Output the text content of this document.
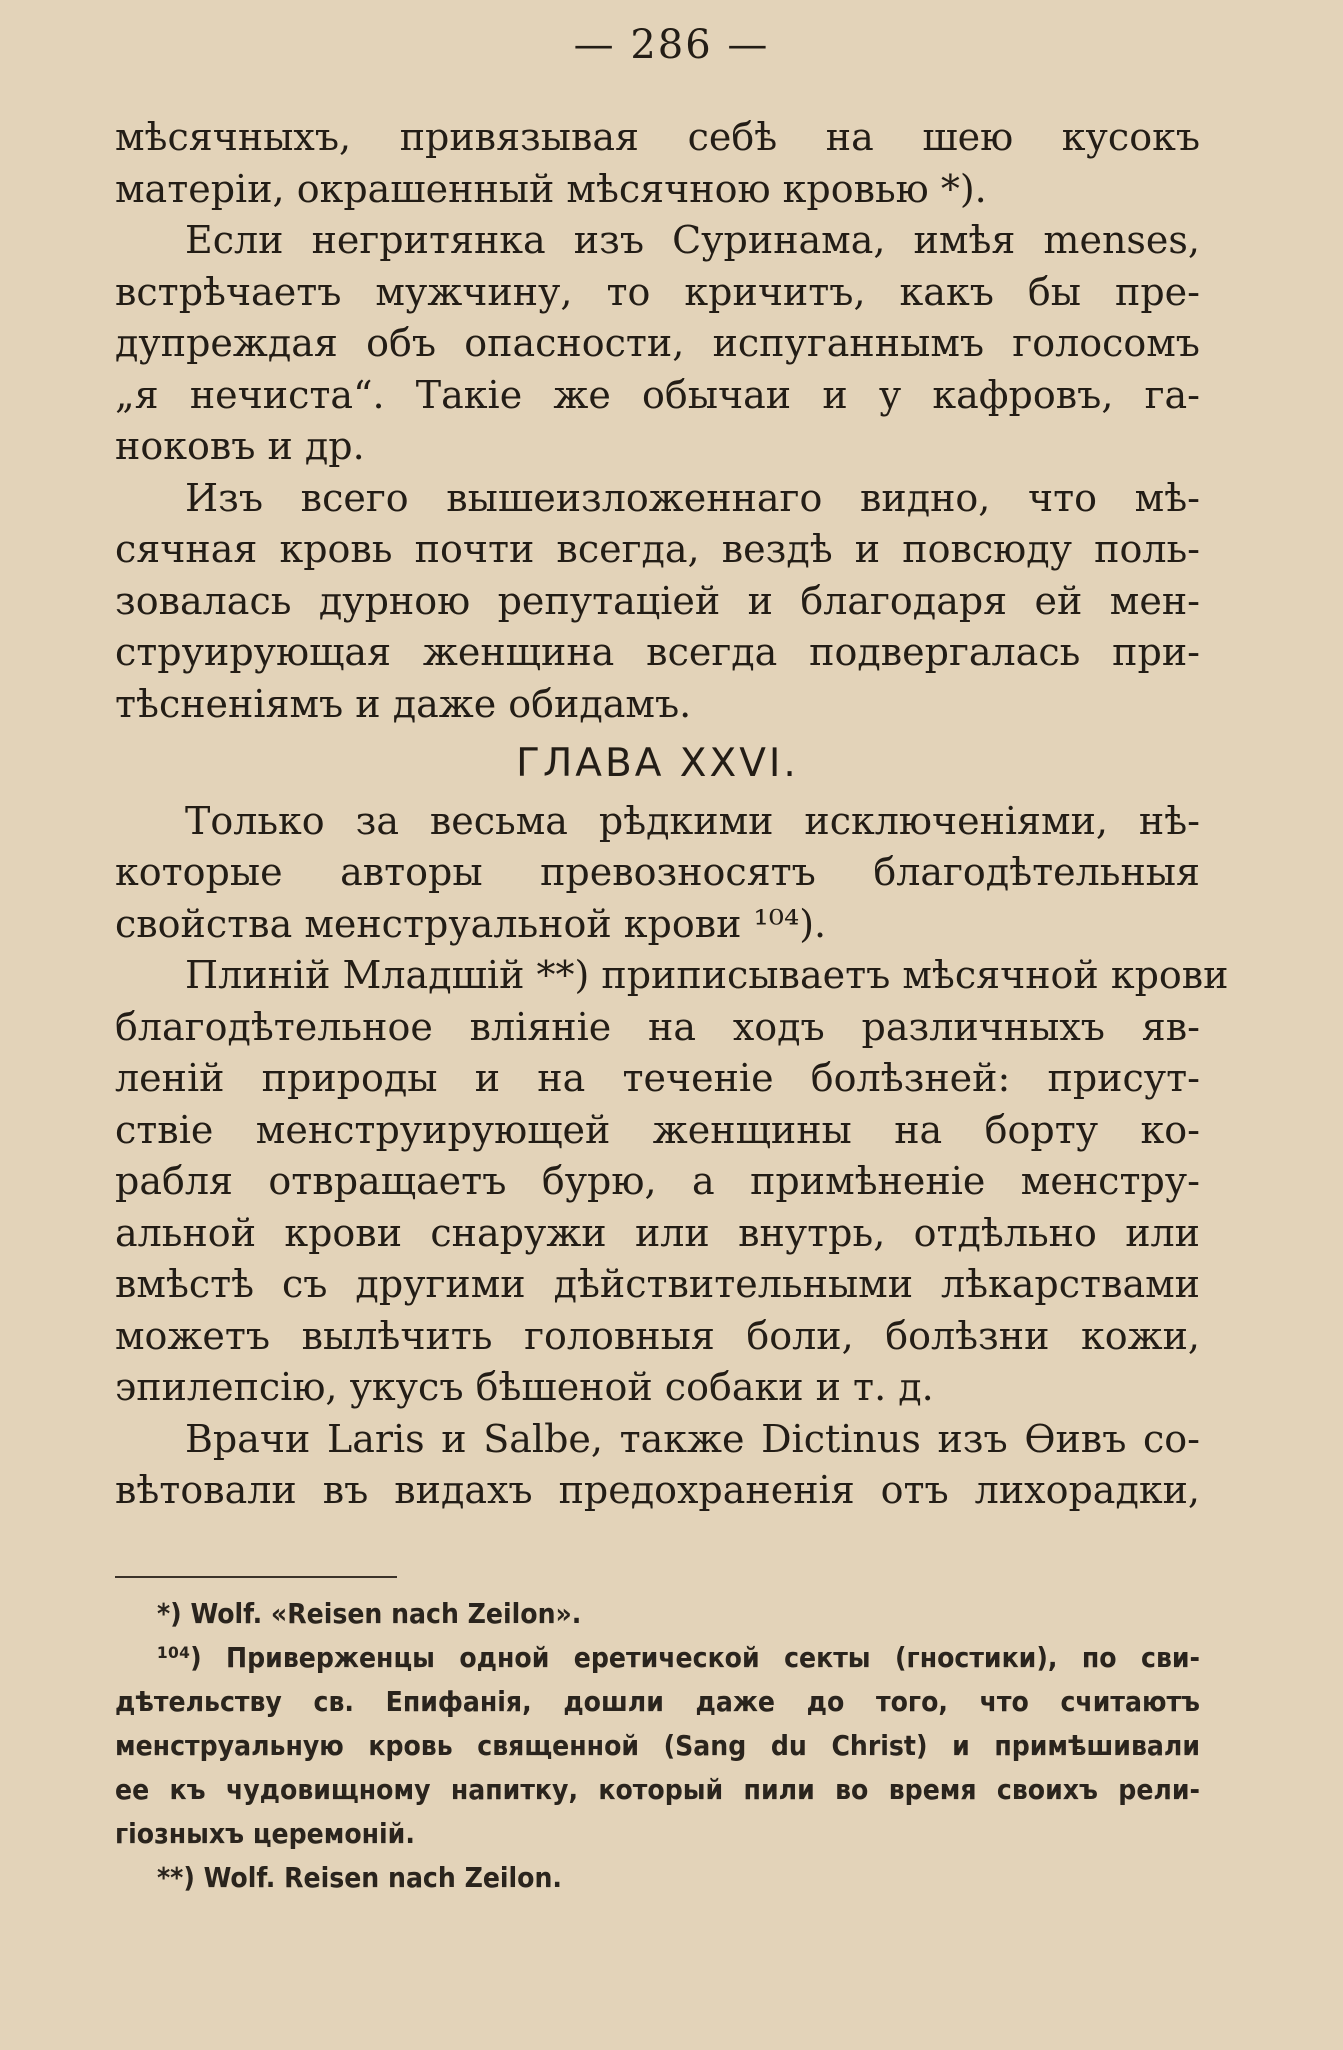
— 286 —
мѣсячныхъ, привязывая себѣ на шею кусокъ
матеріи, окрашенный мѣсячною кровью *).
Если негритянка изъ Суринама, имѣя menses,
встрѣчаетъ мужчину, то кричитъ, какъ бы пре-
дупреждая объ опасности, испуганнымъ голосомъ
„я нечиста“. Такіе же обычаи и у кафровъ, га-
ноковъ и др.
Изъ всего вышеизложеннаго видно, что мѣ-
сячная кровь почти всегда, вездѣ и повсюду поль-
зовалась дурною репутаціей и благодаря ей мен-
струирующая женщина всегда подвергалась при-
тѣсненіямъ и даже обидамъ.
ГЛАВА XXVI.
Только за весьма рѣдкими исключеніями, нѣ-
которые авторы превозносятъ благодѣтельныя
свойства менструальной крови ¹⁰⁴).
Плиній Младшій **) приписываетъ мѣсячной крови
благодѣтельное вліяніе на ходъ различныхъ яв-
леній природы и на теченіе болѣзней: присут-
ствіе менструирующей женщины на борту ко-
рабля отвращаетъ бурю, а примѣненіе менстру-
альной крови снаружи или внутрь, отдѣльно или
вмѣстѣ съ другими дѣйствительными лѣкарствами
можетъ вылѣчить головныя боли, болѣзни кожи,
эпилепсію, укусъ бѣшеной собаки и т. д.
Врачи Laris и Salbe, также Dictinus изъ Ѳивъ со-
вѣтовали въ видахъ предохраненія отъ лихорадки,
*) Wolf. «Reisen nach Zeilon».
¹⁰⁴) Приверженцы одной еретической секты (гностики), по сви-
дѣтельству св. Епифанія, дошли даже до того, что считаютъ
менструальную кровь священной (Sang du Christ) и примѣшивали
ее къ чудовищному напитку, который пили во время своихъ рели-
гіозныхъ церемоній.
**) Wolf. Reisen nach Zeilon.
